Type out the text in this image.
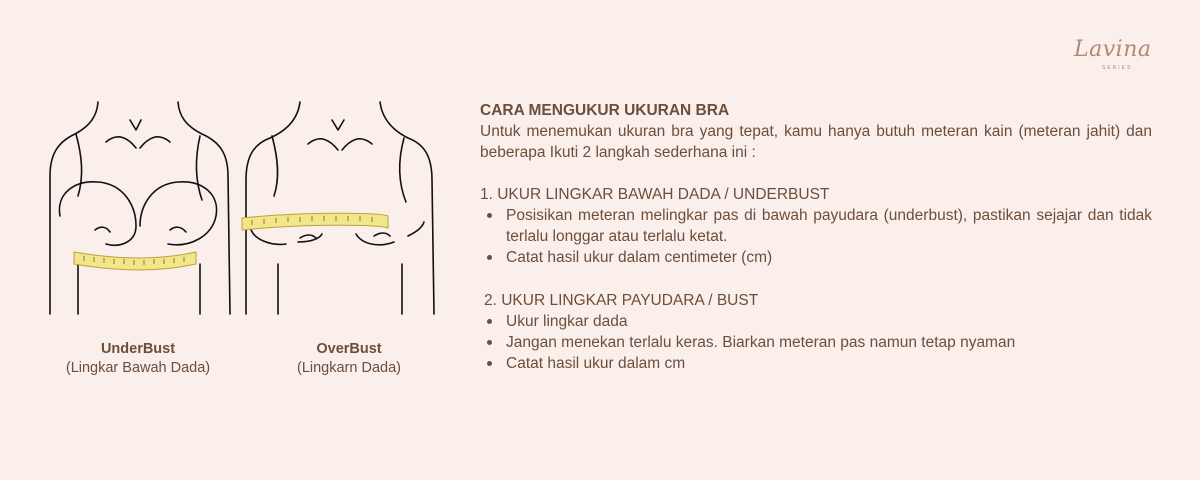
Lavina
SERIES
UnderBust
(Lingkar Bawah Dada)
OverBust
(Lingkarn Dada)
CARA MENGUKUR UKURAN BRA
Untuk menemukan ukuran bra yang tepat, kamu hanya butuh meteran kain (meteran jahit) dan beberapa Ikuti 2 langkah sederhana ini :
1. UKUR LINGKAR BAWAH DADA / UNDERBUST
Posisikan meteran melingkar pas di bawah payudara (underbust), pastikan sejajar dan tidak terlalu longgar atau terlalu ketat.
Catat hasil ukur dalam centimeter (cm)
2. UKUR LINGKAR PAYUDARA / BUST
Ukur lingkar dada
Jangan menekan terlalu keras. Biarkan meteran pas namun tetap nyaman
Catat hasil ukur dalam cm
